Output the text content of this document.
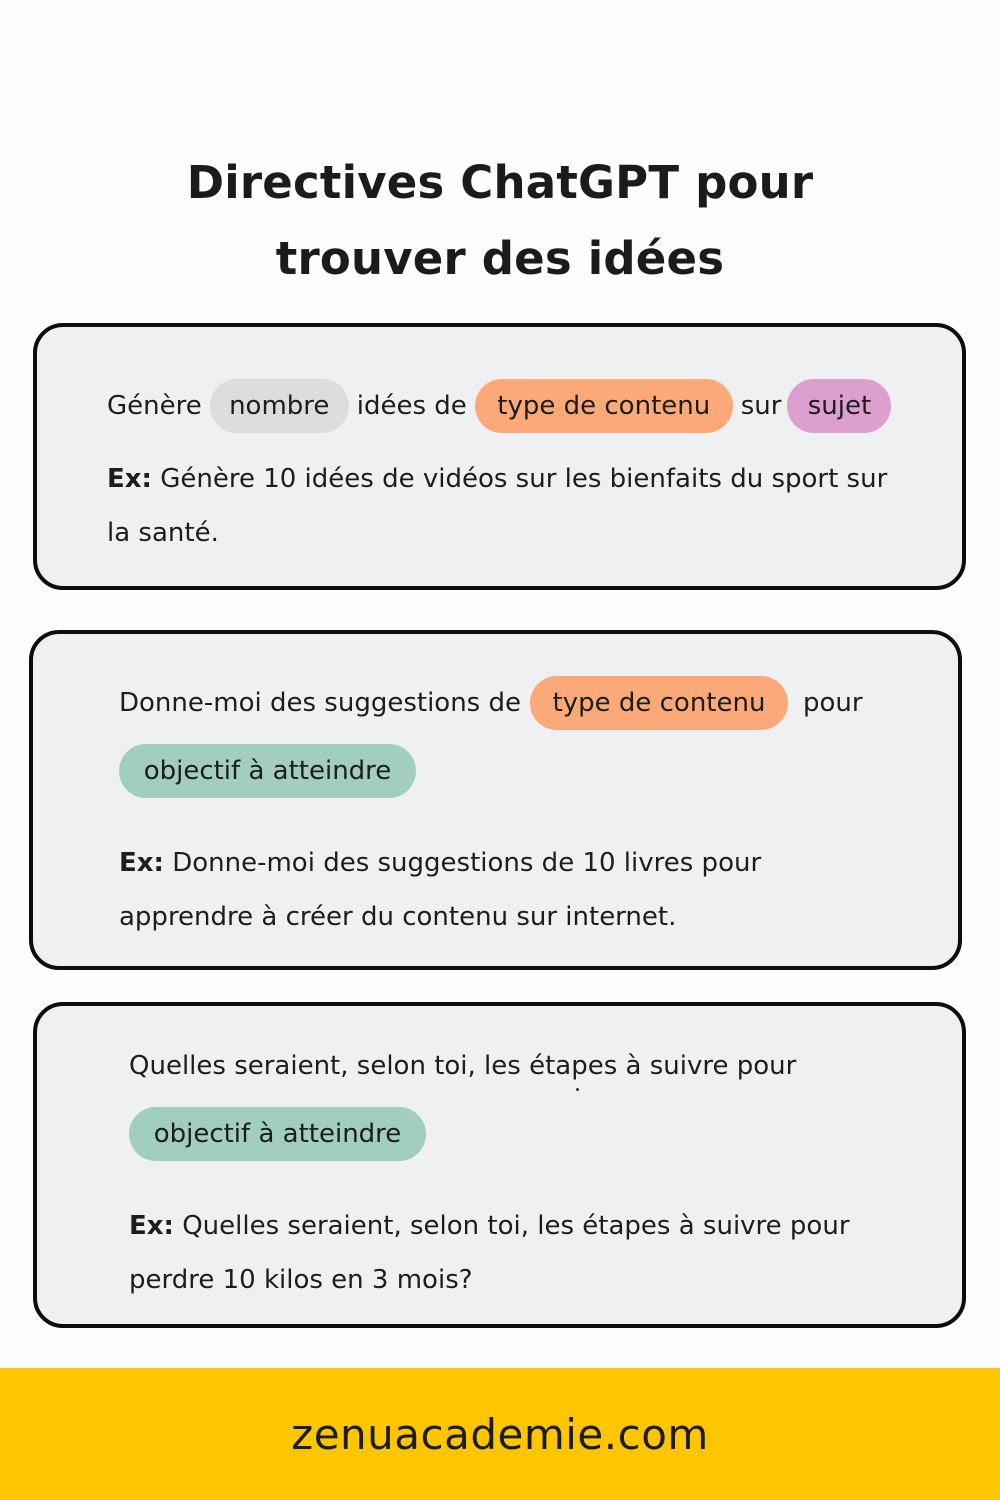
Directives ChatGPT pour
trouver des idées
Génère	nombre	idées de	type de contenu	sur	sujet
Ex: Génère 10 idées de vidéos sur les bienfaits du sport sur
la santé.
Donne-moi des suggestions de	type de contenu	pour
objectif à atteindre
Ex: Donne-moi des suggestions de 10 livres pour
apprendre à créer du contenu sur internet.
Quelles seraient, selon toi, les étapes à suivre pour
objectif à atteindre
Ex: Quelles seraient, selon toi, les étapes à suivre pour
perdre 10 kilos en 3 mois?
zenuacademie.com
